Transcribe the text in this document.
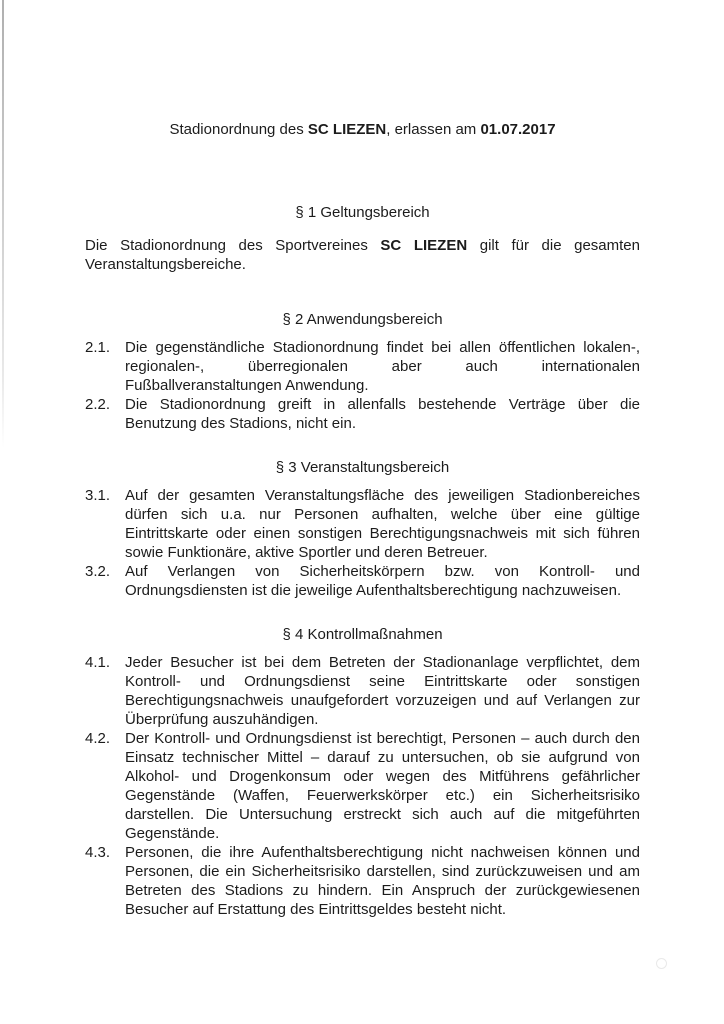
Stadionordnung des SC LIEZEN, erlassen am 01.07.2017

§ 1 Geltungsbereich

Die Stadionordnung des Sportvereines SC LIEZEN gilt für die gesamten Veranstaltungsbereiche.

§ 2 Anwendungsbereich
2.1. Die gegenständliche Stadionordnung findet bei allen öffentlichen lokalen-, regionalen-, überregionalen aber auch internationalen Fußballveranstaltungen Anwendung.
2.2. Die Stadionordnung greift in allenfalls bestehende Verträge über die Benutzung des Stadions, nicht ein.
§ 3 Veranstaltungsbereich
3.1. Auf der gesamten Veranstaltungsfläche des jeweiligen Stadionbereiches dürfen sich u.a. nur Personen aufhalten, welche über eine gültige Eintrittskarte oder einen sonstigen Berechtigungsnachweis mit sich führen sowie Funktionäre, aktive Sportler und deren Betreuer.
3.2. Auf Verlangen von Sicherheitskörpern bzw. von Kontroll- und Ordnungsdiensten ist die jeweilige Aufenthaltsberechtigung nachzuweisen.
§ 4 Kontrollmaßnahmen
4.1. Jeder Besucher ist bei dem Betreten der Stadionanlage verpflichtet, dem Kontroll- und Ordnungsdienst seine Eintrittskarte oder sonstigen Berechtigungsnachweis unaufgefordert vorzuzeigen und auf Verlangen zur Überprüfung auszuhändigen.
4.2. Der Kontroll- und Ordnungsdienst ist berechtigt, Personen – auch durch den Einsatz technischer Mittel – darauf zu untersuchen, ob sie aufgrund von Alkohol- und Drogenkonsum oder wegen des Mitführens gefährlicher Gegenstände (Waffen, Feuerwerkskörper etc.) ein Sicherheitsrisiko darstellen. Die Untersuchung erstreckt sich auch auf die mitgeführten Gegenstände.
4.3. Personen, die ihre Aufenthaltsberechtigung nicht nachweisen können und Personen, die ein Sicherheitsrisiko darstellen, sind zurückzuweisen und am Betreten des Stadions zu hindern. Ein Anspruch der zurückgewiesenen Besucher auf Erstattung des Eintrittsgeldes besteht nicht.
